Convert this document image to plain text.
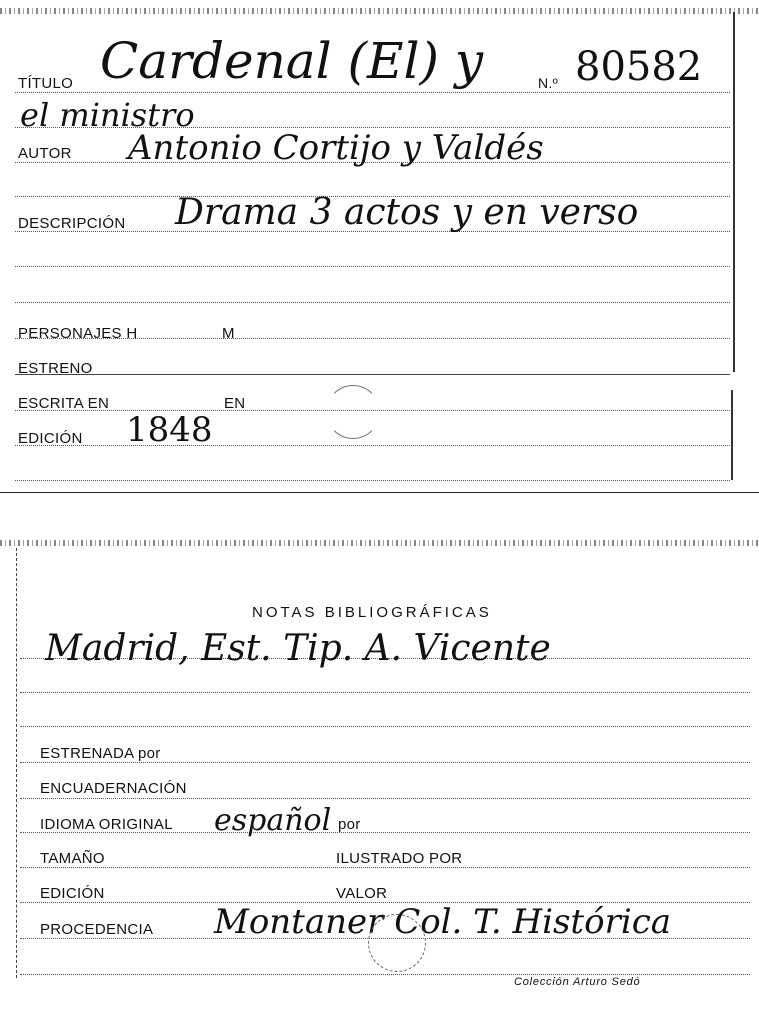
TÍTULO Cardenal (El) y	N.º 80582
el ministro
AUTOR Antonio Cortijo y Valdés
DESCRIPCIÓN Drama 3 actos y en verso
PERSONAJES H	M
ESTRENO
ESCRITA EN	EN
EDICIÓN 1848
NOTAS BIBLIOGRÁFICAS
Madrid, Est. Tip. A. Vicente
ESTRENADA por
ENCUADERNACIÓN
IDIOMA ORIGINAL español por
TAMAÑO	ILUSTRADO POR
EDICIÓN	VALOR
PROCEDENCIA Montaner Col. T. Histórica
Colección Arturo Sedó
